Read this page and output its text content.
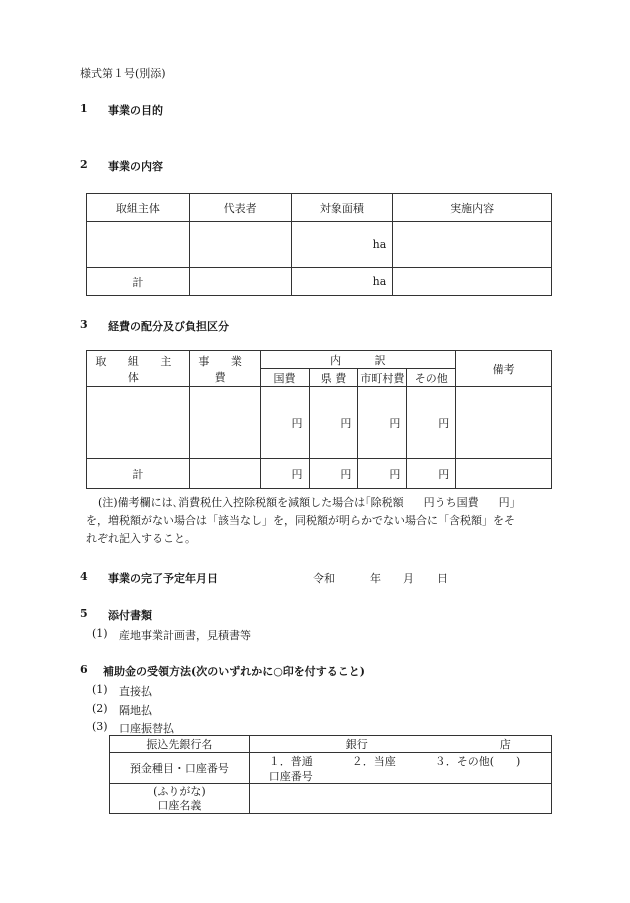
様式第１号(別添)
1 事業の目的
2 事業の内容
取組主体	代表者	対象面積	実施内容
		ha	
計		ha	
3 経費の配分及び負担区分
取 組 主 体	事 業 費	内 訳				備考
		国費	県 費	市町村費	その他	
		円	円	円	円	
計		円	円	円	円	

(注)備考欄には､消費税仕入控除税額を減額した場合は｢除税額 円うち国費 円｣

を，増税額がない場合は「該当なし」を，同税額が明らかでない場合に「含税額」をそ

れぞれ記入すること。

4 事業の完了予定年月日	令和	年 月 日
5 添付書類
(1) 産地事業計画書，見積書等
6 補助金の受領方法(次のいずれかに○印を付すること)
(1) 直接払
(2) 隔地払
(3) 口座振替払
振込先銀行名	銀行 店

預金種目・口座番号	１．普通 ２．当座 ３．その他(　　)
口座番号

(ふりがな)
口座名義	
